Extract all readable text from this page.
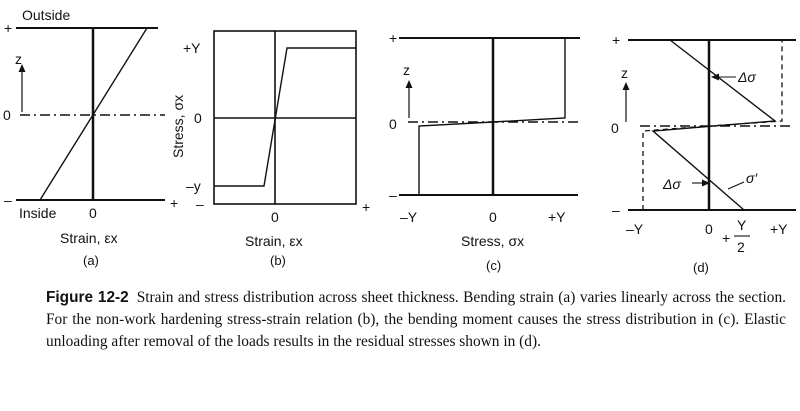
Outside
Inside
+
–	+
z
0
0
Strain, εx
(a)
+Y
0
–y
–	+
0
Stress, σx
Strain, εx
(b)
+
z
0
–
–Y	0	+Y
Stress, σx
(c)
+
z
0
–
Δσ
Δσ	σ′
–Y	0
+
Y
2
+Y
(d)
Figure 12-2 Strain and stress distribution across sheet thickness. Bending strain (a) varies linearly across the section. For the non-work hardening stress-strain relation (b), the bending moment causes the stress distribution in (c). Elastic unloading after removal of the loads results in the residual stresses shown in (d).
